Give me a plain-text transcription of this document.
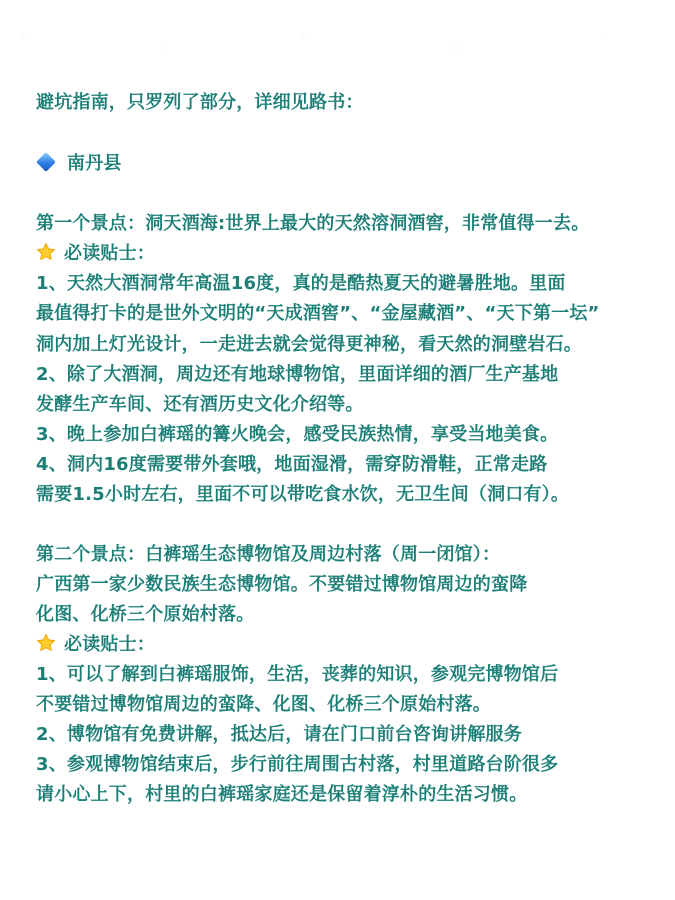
避坑指南，只罗列了部分，详细见路书：
南丹县
第一个景点：洞天酒海:世界上最大的天然溶洞酒窖，非常值得一去。
必读贴士：
1、天然大酒洞常年高温16度，真的是酷热夏天的避暑胜地。里面
最值得打卡的是世外文明的“天成酒窖”、“金屋藏酒”、“天下第一坛”
洞内加上灯光设计，一走进去就会觉得更神秘，看天然的洞壁岩石。
2、除了大酒洞，周边还有地球博物馆，里面详细的酒厂生产基地
发酵生产车间、还有酒历史文化介绍等。
3、晚上参加白裤瑶的篝火晚会，感受民族热情，享受当地美食。
4、洞内16度需要带外套哦，地面湿滑，需穿防滑鞋，正常走路
需要1.5小时左右，里面不可以带吃食水饮，无卫生间（洞口有）。
第二个景点：白裤瑶生态博物馆及周边村落（周一闭馆）：
广西第一家少数民族生态博物馆。不要错过博物馆周边的蛮降
化图、化桥三个原始村落。
必读贴士：
1、可以了解到白裤瑶服饰，生活，丧葬的知识，参观完博物馆后
不要错过博物馆周边的蛮降、化图、化桥三个原始村落。
2、博物馆有免费讲解，抵达后，请在门口前台咨询讲解服务
3、参观博物馆结束后，步行前往周围古村落，村里道路台阶很多
请小心上下，村里的白裤瑶家庭还是保留着淳朴的生活习惯。
